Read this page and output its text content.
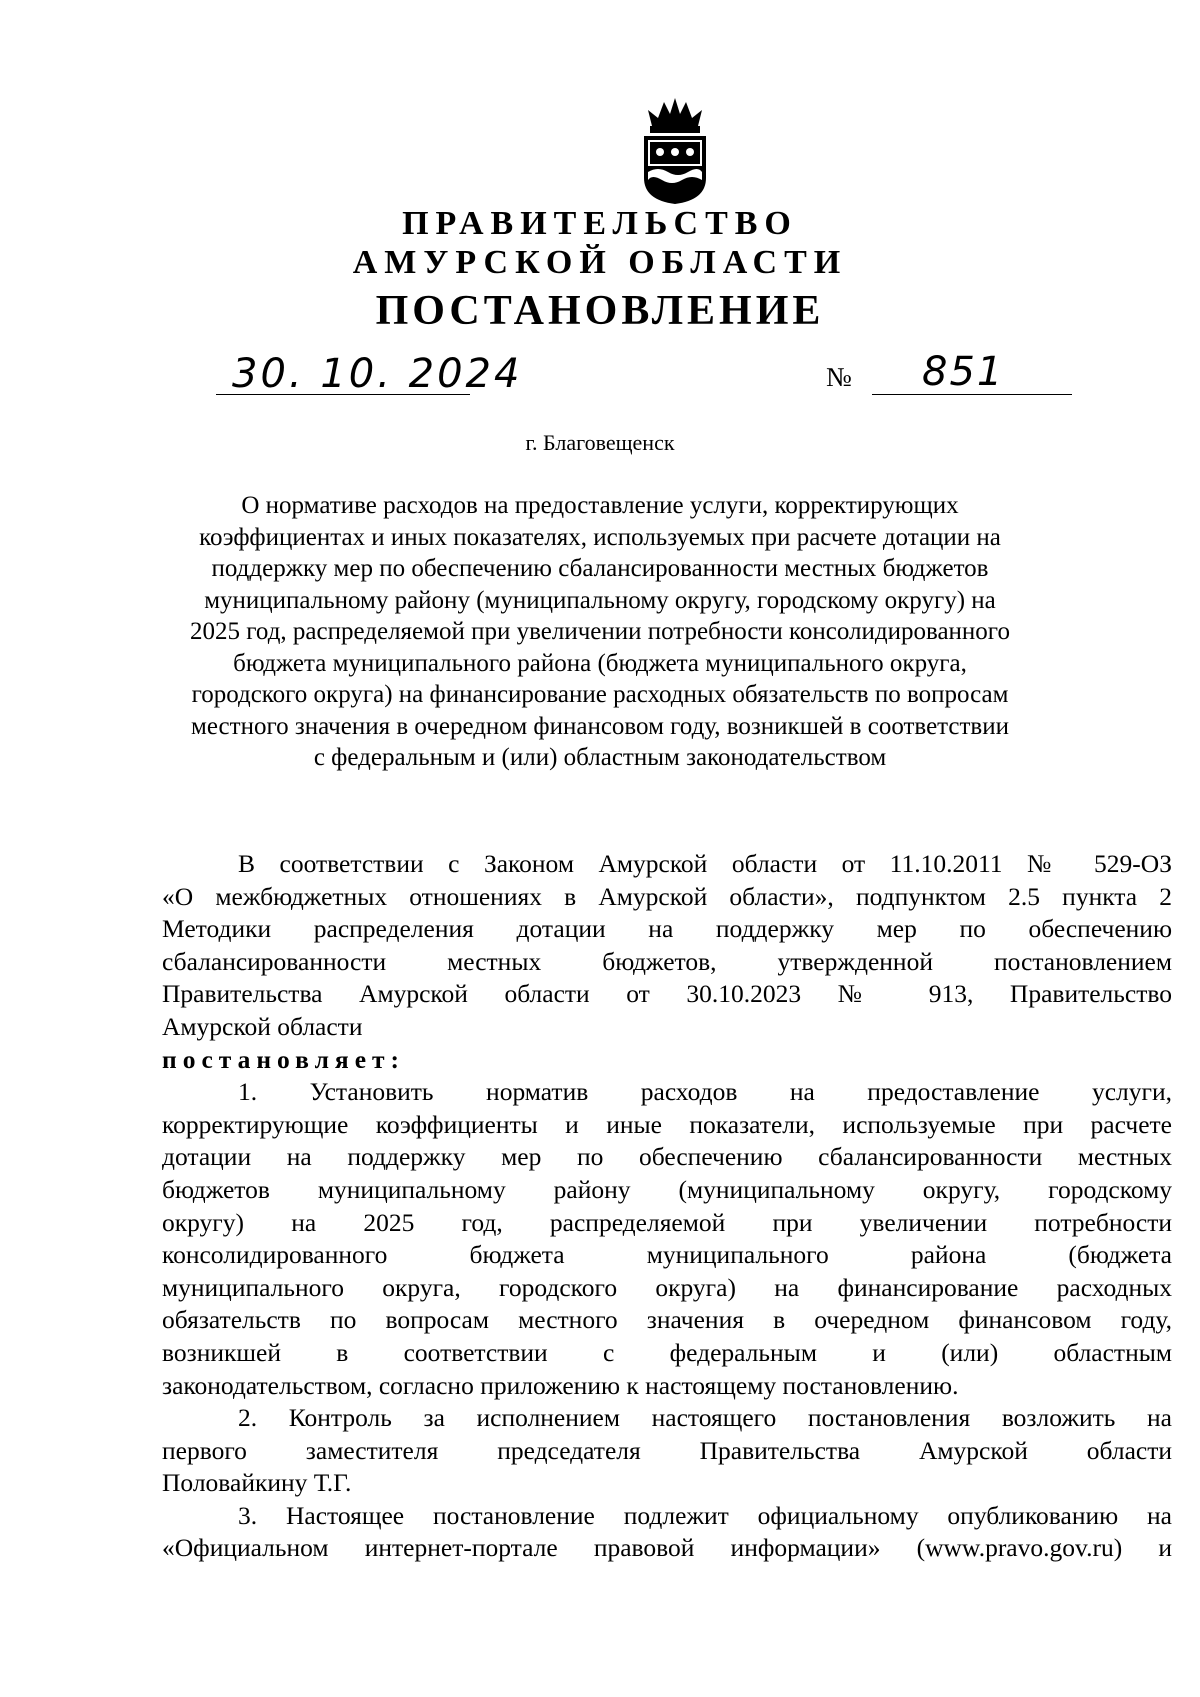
ПРАВИТЕЛЬСТВО
АМУРСКОЙ ОБЛАСТИ
ПОСТАНОВЛЕНИЕ
30. 10. 2024	№ 851
г. Благовещенск
О нормативе расходов на предоставление услуги, корректирующих
коэффициентах и иных показателях, используемых при расчете дотации на
поддержку мер по обеспечению сбалансированности местных бюджетов
муниципальному району (муниципальному округу, городскому округу) на
2025 год, распределяемой при увеличении потребности консолидированного
бюджета муниципального района (бюджета муниципального округа,
городского округа) на финансирование расходных обязательств по вопросам
местного значения в очередном финансовом году, возникшей в соответствии
с федеральным и (или) областным законодательством
В соответствии с Законом Амурской области от 11.10.2011 № 529-ОЗ
«О межбюджетных отношениях в Амурской области», подпунктом 2.5 пункта 2
Методики распределения дотации на поддержку мер по обеспечению
сбалансированности местных бюджетов, утвержденной постановлением
Правительства Амурской области от 30.10.2023 № 913, Правительство
Амурской области
постановляет:
1. Установить норматив расходов на предоставление услуги,
корректирующие коэффициенты и иные показатели, используемые при расчете
дотации на поддержку мер по обеспечению сбалансированности местных
бюджетов муниципальному району (муниципальному округу, городскому
округу) на 2025 год, распределяемой при увеличении потребности
консолидированного бюджета муниципального района (бюджета
муниципального округа, городского округа) на финансирование расходных
обязательств по вопросам местного значения в очередном финансовом году,
возникшей в соответствии с федеральным и (или) областным
законодательством, согласно приложению к настоящему постановлению.
2. Контроль за исполнением настоящего постановления возложить на
первого заместителя председателя Правительства Амурской области
Половайкину Т.Г.
3. Настоящее постановление подлежит официальному опубликованию на
«Официальном интернет-портале правовой информации» (www.pravo.gov.ru) и
